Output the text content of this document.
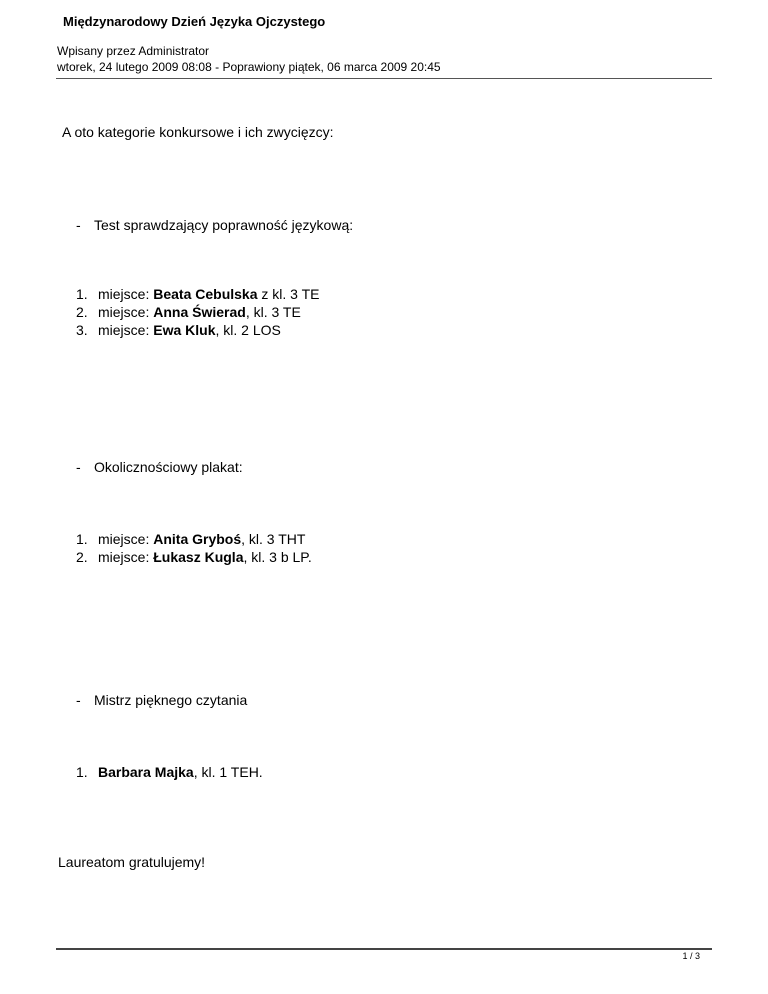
Międzynarodowy Dzień Języka Ojczystego
Wpisany przez Administrator
wtorek, 24 lutego 2009 08:08 - Poprawiony piątek, 06 marca 2009 20:45
A oto kategorie konkursowe i ich zwycięzcy:
- Test sprawdzający poprawność językową:
1. miejsce: Beata Cebulska z kl. 3 TE
2. miejsce: Anna Świerad, kl. 3 TE
3. miejsce: Ewa Kluk, kl. 2 LOS
- Okolicznościowy plakat:
1. miejsce: Anita Gryboś, kl. 3 THT
2. miejsce: Łukasz Kugla, kl. 3 b LP.
- Mistrz pięknego czytania
1. Barbara Majka, kl. 1 TEH.
Laureatom gratulujemy!
1 / 3
